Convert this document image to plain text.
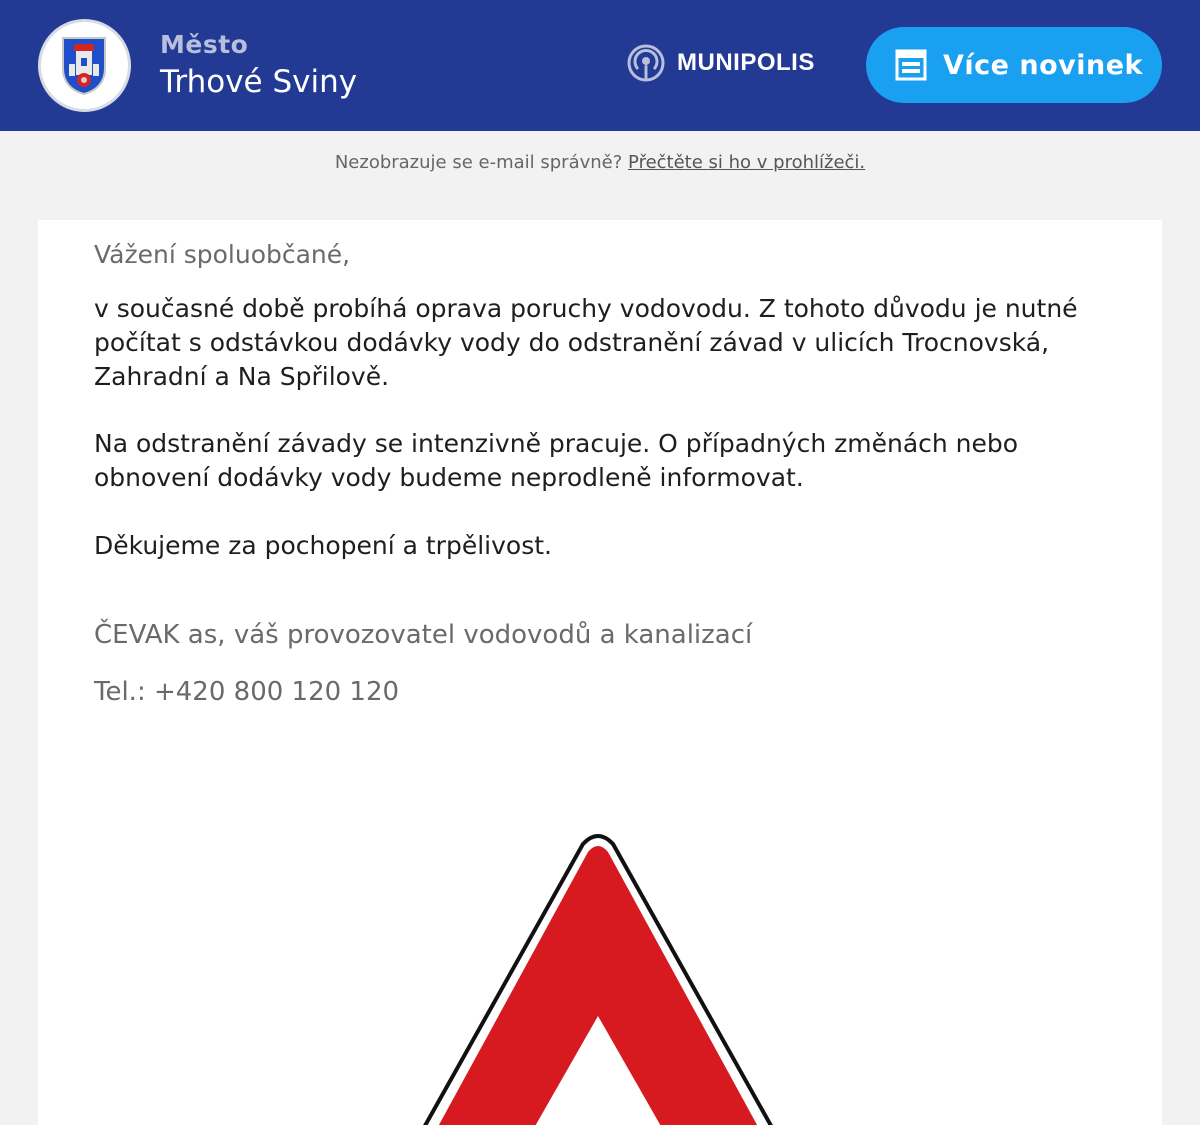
Město
Trhové Sviny
MUNIPOLIS	Více novinek
Nezobrazuje se e-mail správně? Přečtěte si ho v prohlížeči.
Vážení spoluobčané,
v současné době probíhá oprava poruchy vodovodu. Z tohoto důvodu je nutné počítat s odstávkou dodávky vody do odstranění závad v ulicích Trocnovská, Zahradní a Na Spřilově.
Na odstranění závady se intenzivně pracuje. O případných změnách nebo obnovení dodávky vody budeme neprodleně informovat.
Děkujeme za pochopení a trpělivost.
ČEVAK as, váš provozovatel vodovodů a kanalizací
Tel.: +420 800 120 120
